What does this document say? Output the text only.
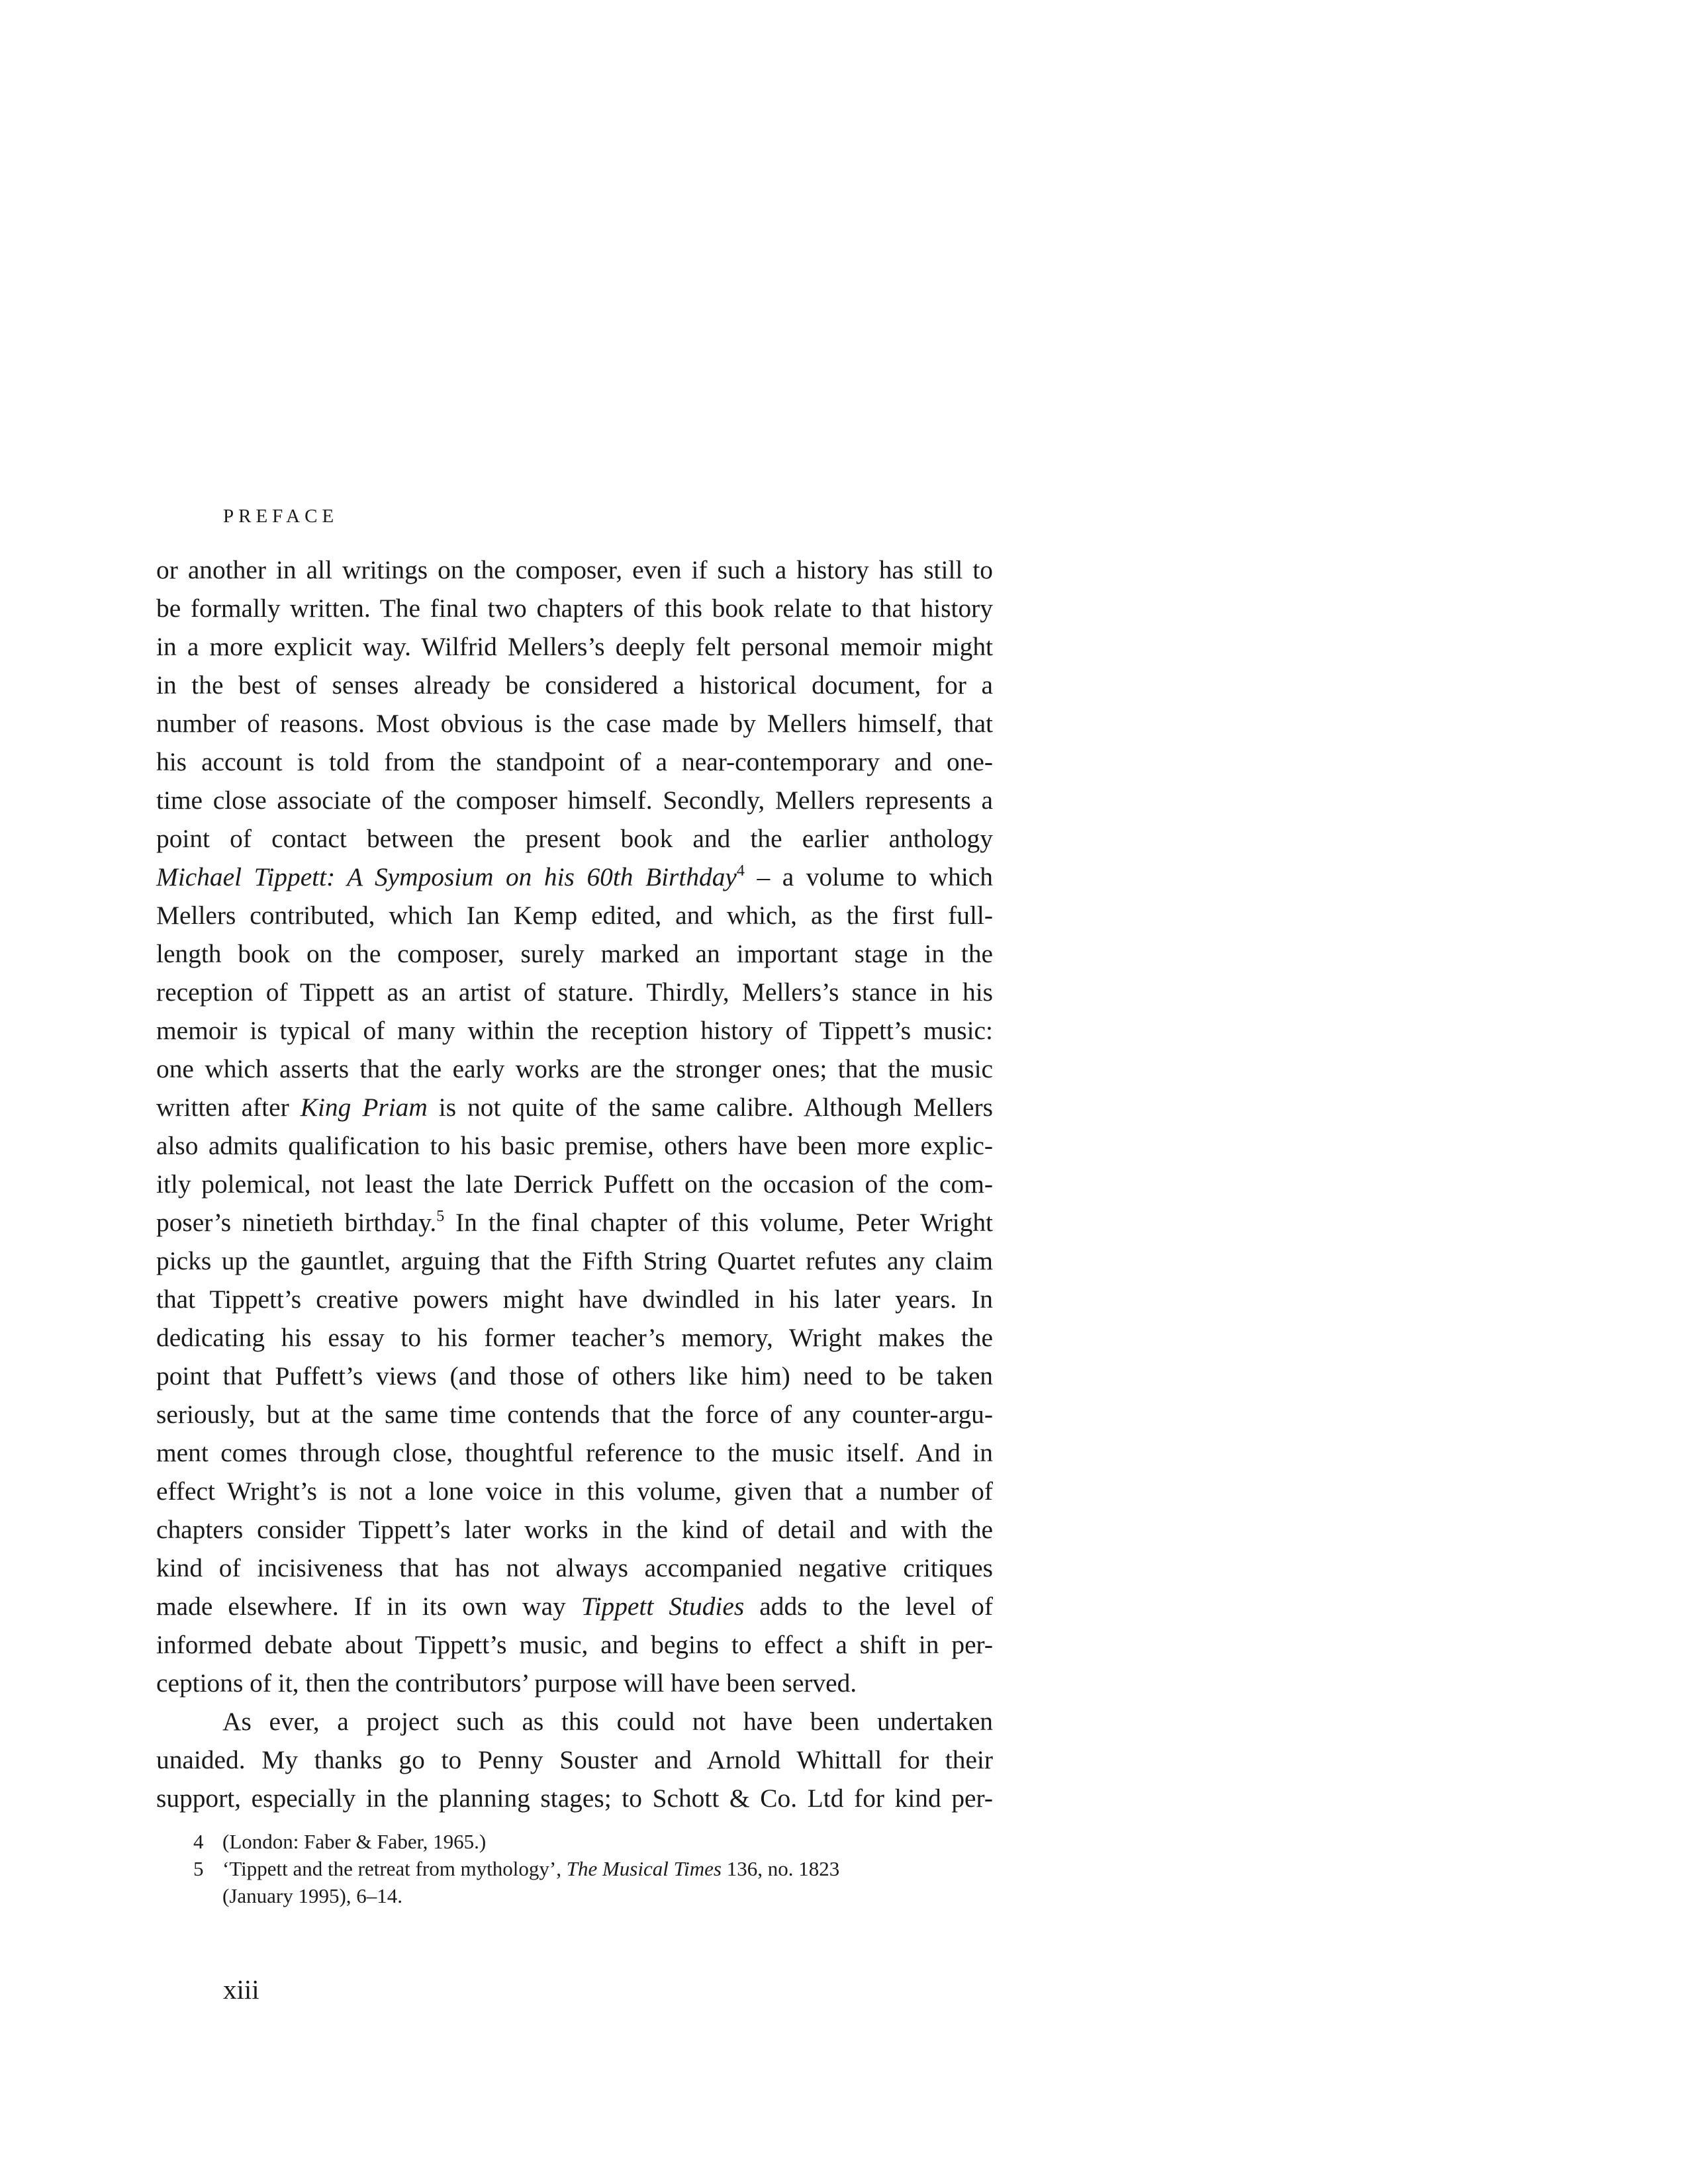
PREFACE
or another in all writings on the composer, even if such a history has still to
be formally written. The final two chapters of this book relate to that history
in a more explicit way. Wilfrid Mellers’s deeply felt personal memoir might
in the best of senses already be considered a historical document, for a
number of reasons. Most obvious is the case made by Mellers himself, that
his account is told from the standpoint of a near-contemporary and one-
time close associate of the composer himself. Secondly, Mellers represents a
point of contact between the present book and the earlier anthology
Michael Tippett: A Symposium on his 60th Birthday$^4$ – a volume to which
Mellers contributed, which Ian Kemp edited, and which, as the first full-
length book on the composer, surely marked an important stage in the
reception of Tippett as an artist of stature. Thirdly, Mellers’s stance in his
memoir is typical of many within the reception history of Tippett’s music:
one which asserts that the early works are the stronger ones; that the music
written after King Priam is not quite of the same calibre. Although Mellers
also admits qualification to his basic premise, others have been more explic-
itly polemical, not least the late Derrick Puffett on the occasion of the com-
poser’s ninetieth birthday.$^5$ In the final chapter of this volume, Peter Wright
picks up the gauntlet, arguing that the Fifth String Quartet refutes any claim
that Tippett’s creative powers might have dwindled in his later years. In
dedicating his essay to his former teacher’s memory, Wright makes the
point that Puffett’s views (and those of others like him) need to be taken
seriously, but at the same time contends that the force of any counter-argu-
ment comes through close, thoughtful reference to the music itself. And in
effect Wright’s is not a lone voice in this volume, given that a number of
chapters consider Tippett’s later works in the kind of detail and with the
kind of incisiveness that has not always accompanied negative critiques
made elsewhere. If in its own way Tippett Studies adds to the level of
informed debate about Tippett’s music, and begins to effect a shift in per-
ceptions of it, then the contributors’ purpose will have been served.
As ever, a project such as this could not have been undertaken
unaided. My thanks go to Penny Souster and Arnold Whittall for their
support, especially in the planning stages; to Schott & Co. Ltd for kind per-
4 (London: Faber & Faber, 1965.)
5 ‘Tippett and the retreat from mythology’, The Musical Times 136, no. 1823
(January 1995), 6–14.
xiii
